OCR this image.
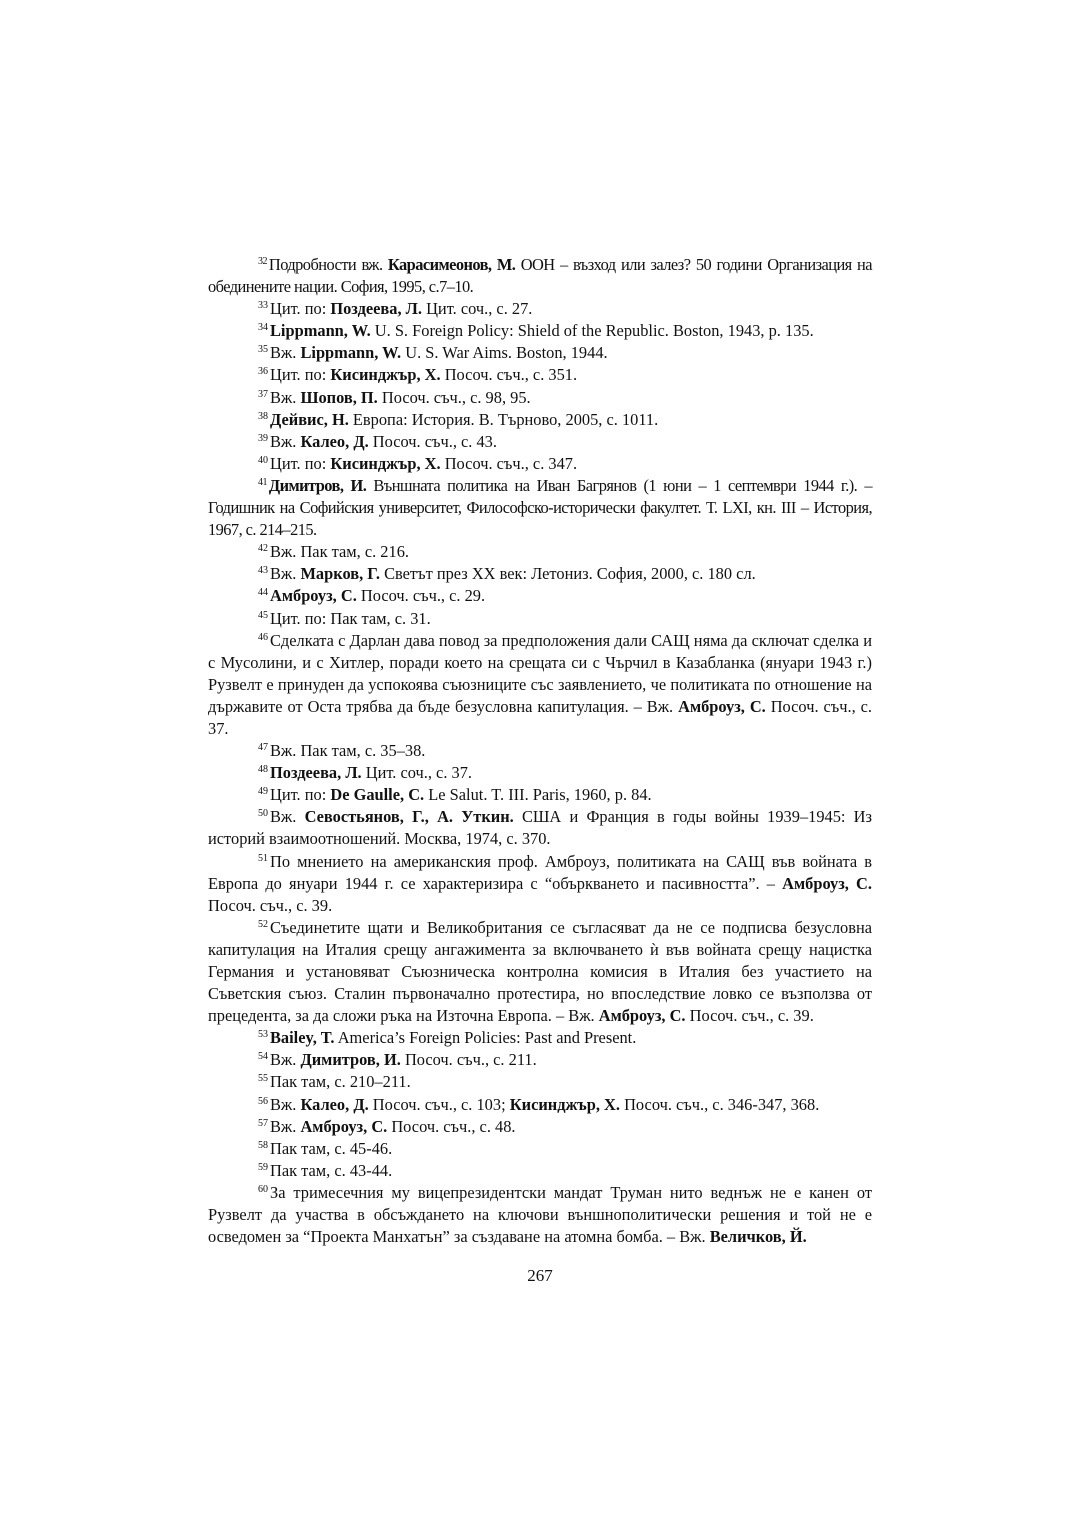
$^{32}$ Подробности вж. Карасимеонов, М. ООН – възход или залез? 50 години Организация на обединените нации. София, 1995, с.7–10.

$^{33}$ Цит. по: Поздеева, Л. Цит. соч., с. 27.

$^{34}$ Lippmann, W. U. S. Foreign Policy: Shield of the Republic. Boston, 1943, p. 135.

$^{35}$ Вж. Lippmann, W. U. S. War Aims. Boston, 1944.

$^{36}$ Цит. по: Кисинджър, Х. Посоч. съч., с. 351.

$^{37}$ Вж. Шопов, П. Посоч. съч., с. 98, 95.

$^{38}$ Дейвис, Н. Европа: История. В. Търново, 2005, с. 1011.

$^{39}$ Вж. Калео, Д. Посоч. съч., с. 43.

$^{40}$ Цит. по: Кисинджър, Х. Посоч. съч., с. 347.

$^{41}$ Димитров, И. Външната политика на Иван Багрянов (1 юни – 1 септември 1944 г.). – Годишник на Софийския университет, Философско-исторически факултет. Т. LXI, кн. III – История, 1967, с. 214–215.

$^{42}$ Вж. Пак там, с. 216.

$^{43}$ Вж. Марков, Г. Светът през ХХ век: Летониз. София, 2000, с. 180 сл.

$^{44}$ Амброуз, С. Посоч. съч., с. 29.

$^{45}$ Цит. по: Пак там, с. 31.

$^{46}$ Сделката с Дарлан дава повод за предположения дали САЩ няма да сключат сделка и с Мусолини, и с Хитлер, поради което на срещата си с Чърчил в Казабланка (януари 1943 г.) Рузвелт е принуден да успокоява съюзниците със заявлението, че политиката по отношение на държавите от Оста трябва да бъде безусловна капитулация. – Вж. Амброуз, С. Посоч. съч., с. 37.

$^{47}$ Вж. Пак там, с. 35–38.

$^{48}$ Поздеева, Л. Цит. соч., с. 37.

$^{49}$ Цит. по: De Gaulle, C. Le Salut. T. III. Paris, 1960, p. 84.

$^{50}$ Вж. Севостьянов, Г., А. Уткин. США и Франция в годы войны 1939–1945: Из историй взаимоотношений. Москва, 1974, с. 370.

$^{51}$ По мнението на американския проф. Амброуз, политиката на САЩ във войната в Европа до януари 1944 г. се характеризира с “объркването и пасивността”. – Амброуз, С. Посоч. съч., с. 39.

$^{52}$ Съединетите щати и Великобритания се съгласяват да не се подписва безусловна капитулация на Италия срещу ангажимента за включването ѝ във войната срещу нацистка Германия и установяват Съюзническа контролна комисия в Италия без участието на Съветския съюз. Сталин първоначално протестира, но впоследствие ловко се възползва от прецедента, за да сложи ръка на Източна Европа. – Вж. Амброуз, С. Посоч. съч., с. 39.

$^{53}$ Bailey, T. America’s Foreign Policies: Past and Present.

$^{54}$ Вж. Димитров, И. Посоч. съч., с. 211.

$^{55}$ Пак там, с. 210–211.

$^{56}$ Вж. Калео, Д. Посоч. съч., с. 103; Кисинджър, Х. Посоч. съч., с. 346-347, 368.

$^{57}$ Вж. Амброуз, С. Посоч. съч., с. 48.

$^{58}$ Пак там, с. 45-46.

$^{59}$ Пак там, с. 43-44.

$^{60}$ За тримесечния му вицепрезидентски мандат Труман нито веднъж не е канен от Рузвелт да участва в обсъждането на ключови външнополитически решения и той не е осведомен за “Проекта Манхатън” за създаване на атомна бомба. – Вж. Величков, Й.

267
